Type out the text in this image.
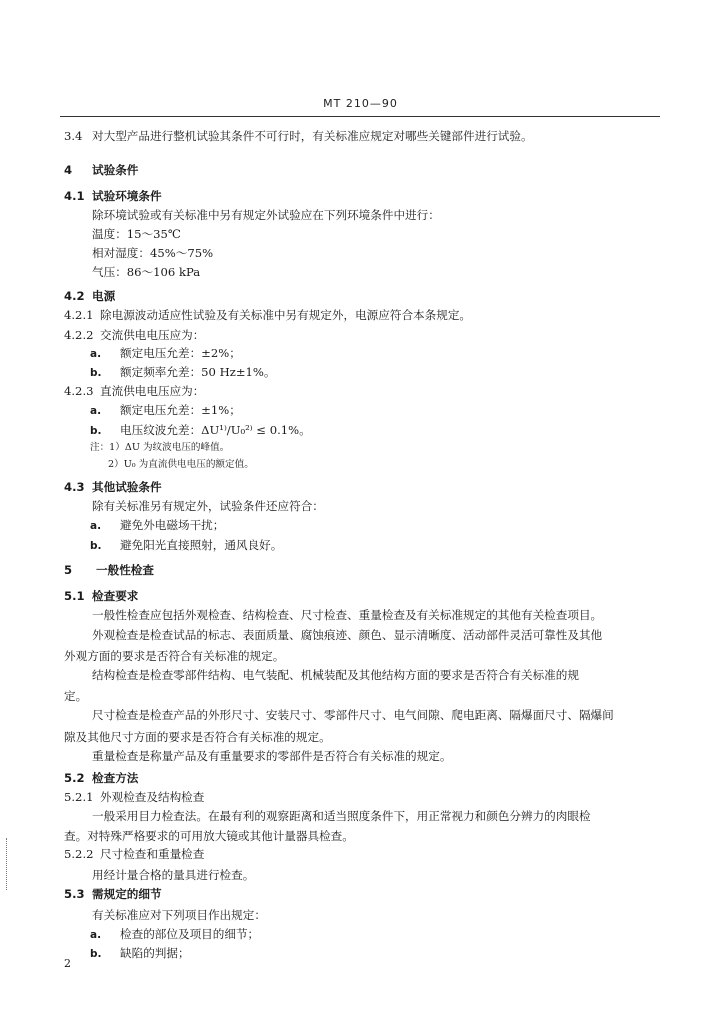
MT 210—90
3.4 对大型产品进行整机试验其条件不可行时，有关标准应规定对哪些关键部件进行试验。
4 试验条件
4.1 试验环境条件
除环境试验或有关标准中另有规定外试验应在下列环境条件中进行：
温度：15～35℃
相对湿度：45%～75%
气压：86～106 kPa
4.2 电源
4.2.1 除电源波动适应性试验及有关标准中另有规定外，电源应符合本条规定。
4.2.2 交流供电电压应为：
a. 额定电压允差：±2%；
b. 额定频率允差：50 Hz±1%。
4.2.3 直流供电电压应为：
a. 额定电压允差：±1%；
b. 电压纹波允差：ΔU¹⁾/U₀²⁾ ≤ 0.1%。
注：1）ΔU 为纹波电压的峰值。
2）U₀ 为直流供电电压的额定值。
4.3 其他试验条件
除有关标准另有规定外，试验条件还应符合：
a. 避免外电磁场干扰；
b. 避免阳光直接照射，通风良好。
5 一般性检查
5.1 检查要求
一般性检查应包括外观检查、结构检查、尺寸检查、重量检查及有关标准规定的其他有关检查项目。
外观检查是检查试品的标志、表面质量、腐蚀痕迹、颜色、显示清晰度、活动部件灵活可靠性及其他
外观方面的要求是否符合有关标准的规定。
结构检查是检查零部件结构、电气装配、机械装配及其他结构方面的要求是否符合有关标准的规
定。
尺寸检查是检查产品的外形尺寸、安装尺寸、零部件尺寸、电气间隙、爬电距离、隔爆面尺寸、隔爆间
隙及其他尺寸方面的要求是否符合有关标准的规定。
重量检查是称量产品及有重量要求的零部件是否符合有关标准的规定。
5.2 检查方法
5.2.1 外观检查及结构检查
一般采用目力检查法。在最有利的观察距离和适当照度条件下，用正常视力和颜色分辨力的肉眼检
查。对特殊严格要求的可用放大镜或其他计量器具检查。
5.2.2 尺寸检查和重量检查
用经计量合格的量具进行检查。
5.3 需规定的细节
有关标准应对下列项目作出规定：
a. 检查的部位及项目的细节；
b. 缺陷的判据；
2
